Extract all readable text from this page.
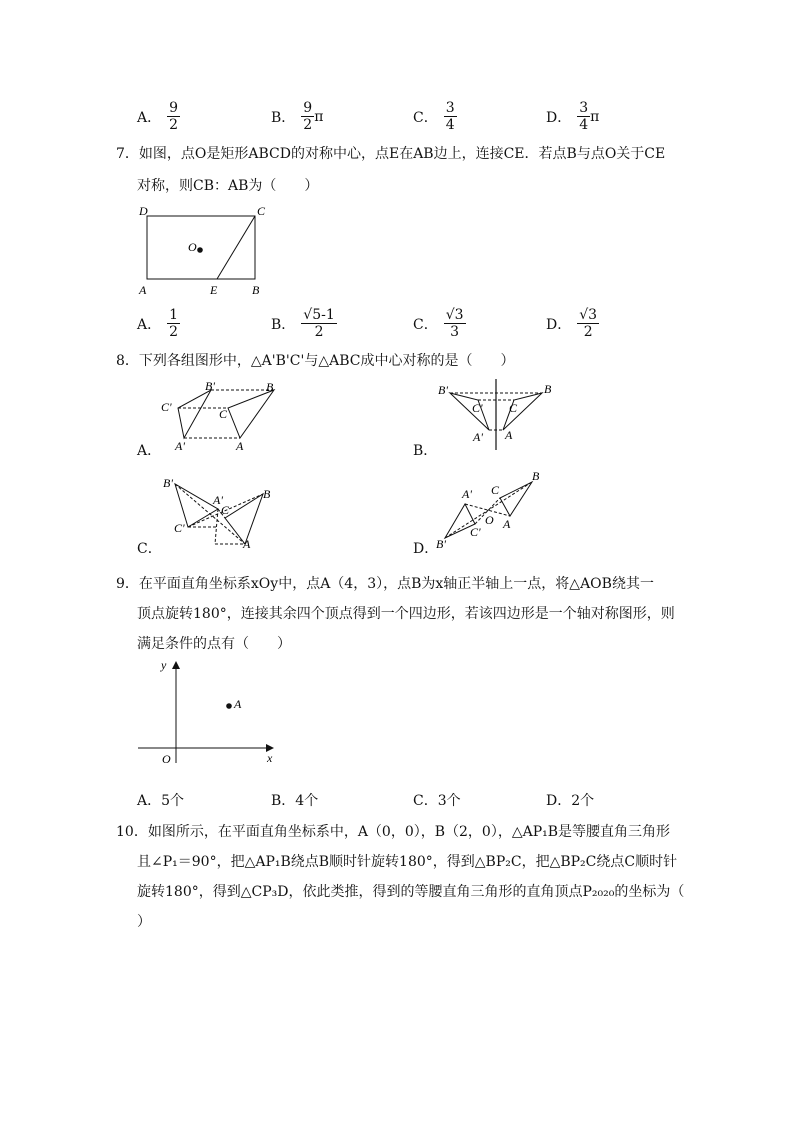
A． $\frac{9}{2}$	B． $\frac{9}{2}$ π	C． $\frac{3}{4}$	D． $\frac{3}{4}$ π
7．如图，点O是矩形ABCD的对称中心，点E在AB边上，连接CE．若点B与点O关于CE
对称，则CB：AB为（　　）
D	C
O
A	E	B
A． $\frac{1}{2}$	B． $\frac{√5-1}{2}$	C． $\frac{√3}{3}$	D． $\frac{√3}{2}$
8．下列各组图形中，△A'B'C'与△ABC成中心对称的是（　　）
B'	B
C'	C
A'	A
A．
B'	B
C' C
A' A
B．
B'
B
A'
C
C'
A
C．
A'
B
C
O A
C'
B'
D．
9．在平面直角坐标系xOy中，点A（4，3），点B为x轴正半轴上一点，将△AOB绕其一
顶点旋转180°，连接其余四个顶点得到一个四边形，若该四边形是一个轴对称图形，则
满足条件的点有（　　）
y
x
O
A
A．5个	B．4个	C．3个	D．2个
10．如图所示，在平面直角坐标系中，A（0，0），B（2，0），△AP₁B是等腰直角三角形
且∠P₁＝90°，把△AP₁B绕点B顺时针旋转180°，得到△BP₂C，把△BP₂C绕点C顺时针
旋转180°，得到△CP₃D，依此类推，得到的等腰直角三角形的直角顶点P₂₀₂₀的坐标为（
）
